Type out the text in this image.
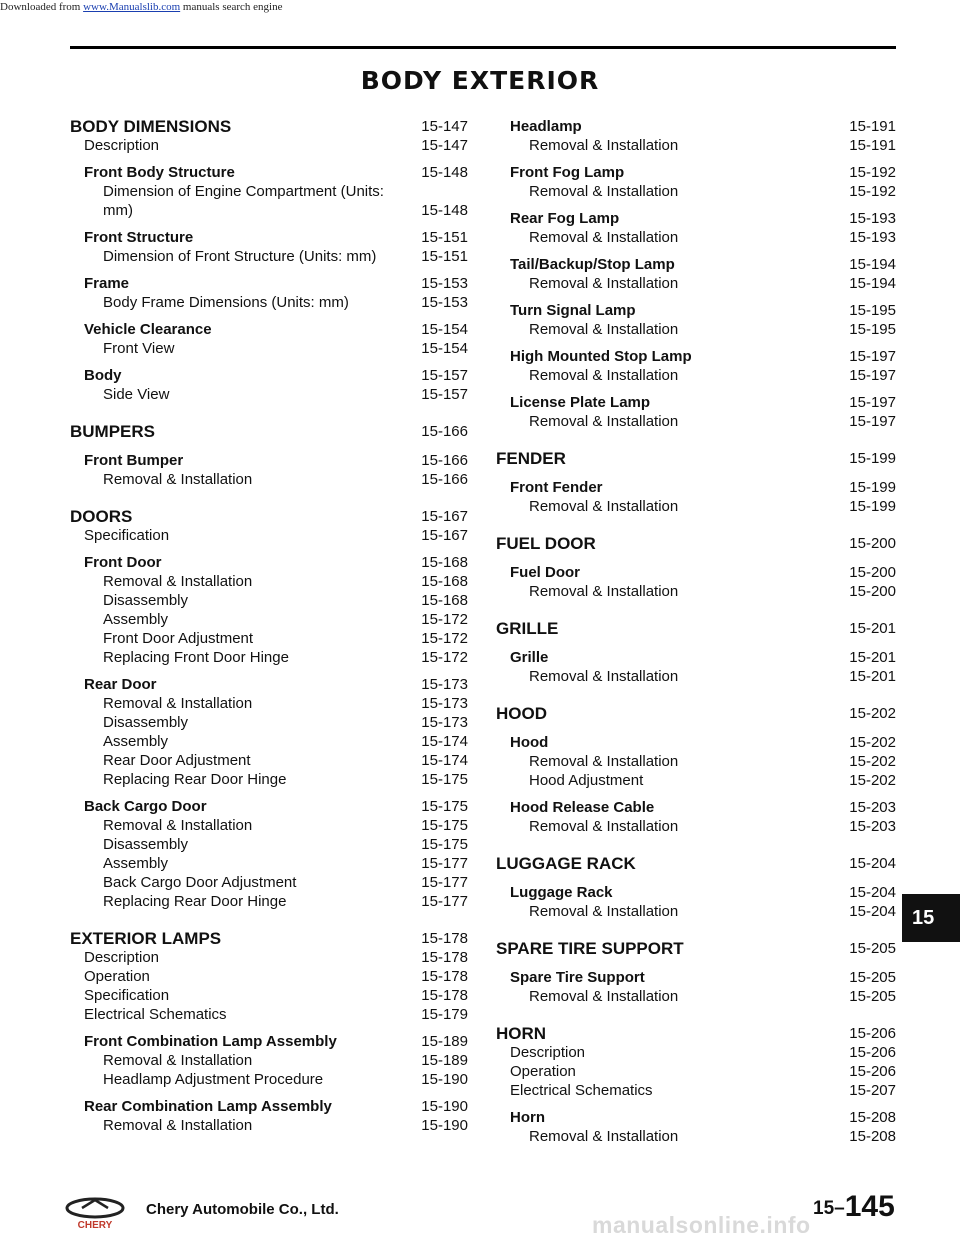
Downloaded from www.Manualslib.com manuals search engine
BODY EXTERIOR
BODY DIMENSIONS	15-147
Description	15-147
Front Body Structure	15-148
Dimension of Engine Compartment (Units: mm)	15-148
Front Structure	15-151
Dimension of Front Structure (Units: mm)	15-151
Frame	15-153
Body Frame Dimensions (Units: mm)	15-153
Vehicle Clearance	15-154
Front View	15-154
Body	15-157
Side View	15-157
BUMPERS	15-166
Front Bumper	15-166
Removal & Installation	15-166
DOORS	15-167
Specification	15-167
Front Door	15-168
Removal & Installation	15-168
Disassembly	15-168
Assembly	15-172
Front Door Adjustment	15-172
Replacing Front Door Hinge	15-172
Rear Door	15-173
Removal & Installation	15-173
Disassembly	15-173
Assembly	15-174
Rear Door Adjustment	15-174
Replacing Rear Door Hinge	15-175
Back Cargo Door	15-175
Removal & Installation	15-175
Disassembly	15-175
Assembly	15-177
Back Cargo Door Adjustment	15-177
Replacing Rear Door Hinge	15-177
EXTERIOR LAMPS	15-178
Description	15-178
Operation	15-178
Specification	15-178
Electrical Schematics	15-179
Front Combination Lamp Assembly	15-189
Removal & Installation	15-189
Headlamp Adjustment Procedure	15-190
Rear Combination Lamp Assembly	15-190
Removal & Installation	15-190
Headlamp	15-191
Removal & Installation	15-191
Front Fog Lamp	15-192
Removal & Installation	15-192
Rear Fog Lamp	15-193
Removal & Installation	15-193
Tail/Backup/Stop Lamp	15-194
Removal & Installation	15-194
Turn Signal Lamp	15-195
Removal & Installation	15-195
High Mounted Stop Lamp	15-197
Removal & Installation	15-197
License Plate Lamp	15-197
Removal & Installation	15-197
FENDER	15-199
Front Fender	15-199
Removal & Installation	15-199
FUEL DOOR	15-200
Fuel Door	15-200
Removal & Installation	15-200
GRILLE	15-201
Grille	15-201
Removal & Installation	15-201
HOOD	15-202
Hood	15-202
Removal & Installation	15-202
Hood Adjustment	15-202
Hood Release Cable	15-203
Removal & Installation	15-203
LUGGAGE RACK	15-204
Luggage Rack	15-204
Removal & Installation	15-204
SPARE TIRE SUPPORT	15-205
Spare Tire Support	15-205
Removal & Installation	15-205
HORN	15-206
Description	15-206
Operation	15-206
Electrical Schematics	15-207
Horn	15-208
Removal & Installation	15-208
15
CHERY
Chery Automobile Co., Ltd.	15– 145
manualsonline.info
